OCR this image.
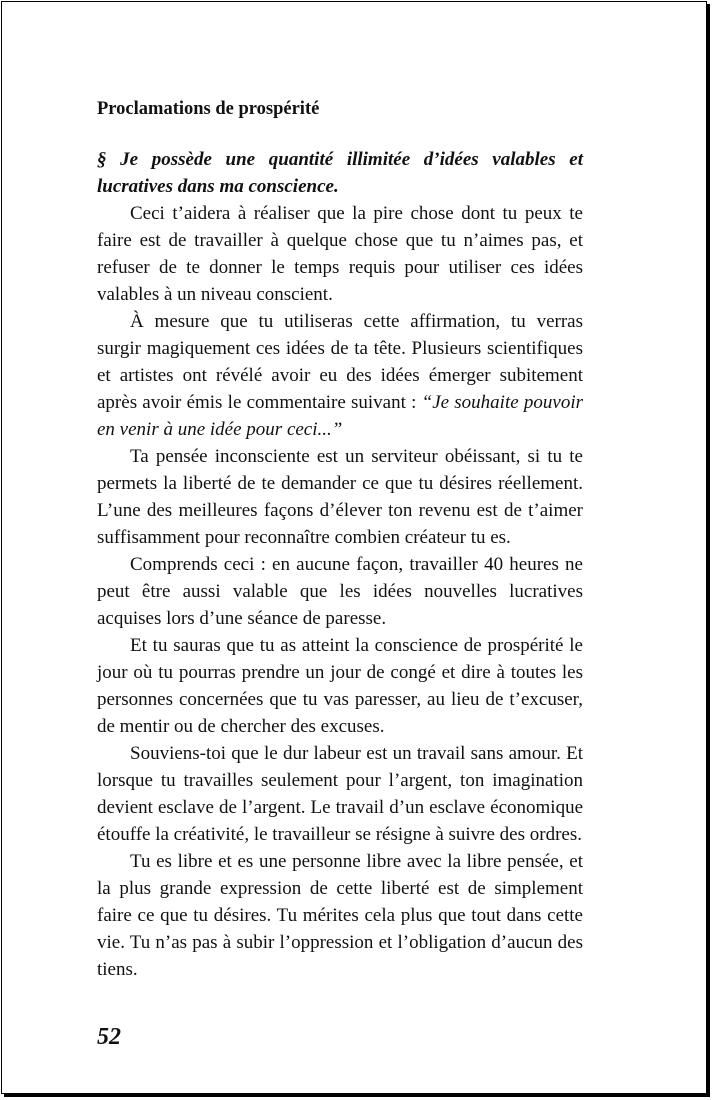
Proclamations de prospérité

§ Je possède une quantité illimitée d’idées valables et lucratives dans ma conscience.

Ceci t’aidera à réaliser que la pire chose dont tu peux te faire est de travailler à quelque chose que tu n’aimes pas, et refuser de te donner le temps requis pour utiliser ces idées valables à un niveau conscient.

À mesure que tu utiliseras cette affirmation, tu verras surgir magiquement ces idées de ta tête. Plusieurs scientifiques et artistes ont révélé avoir eu des idées émerger subitement après avoir émis le commentaire suivant : “Je souhaite pouvoir en venir à une idée pour ceci...”

Ta pensée inconsciente est un serviteur obéissant, si tu te permets la liberté de te demander ce que tu désires réellement. L’une des meilleures façons d’élever ton revenu est de t’aimer suffisamment pour reconnaître combien créateur tu es.

Comprends ceci : en aucune façon, travailler 40 heures ne peut être aussi valable que les idées nouvelles lucratives acquises lors d’une séance de paresse.

Et tu sauras que tu as atteint la conscience de prospérité le jour où tu pourras prendre un jour de congé et dire à toutes les personnes concernées que tu vas paresser, au lieu de t’excuser, de mentir ou de chercher des excuses.

Souviens-toi que le dur labeur est un travail sans amour. Et lorsque tu travailles seulement pour l’argent, ton imagination devient esclave de l’argent. Le travail d’un esclave économique étouffe la créativité, le travailleur se résigne à suivre des ordres.

Tu es libre et es une personne libre avec la libre pensée, et la plus grande expression de cette liberté est de simplement faire ce que tu désires. Tu mérites cela plus que tout dans cette vie. Tu n’as pas à subir l’oppression et l’obligation d’aucun des tiens.

52
